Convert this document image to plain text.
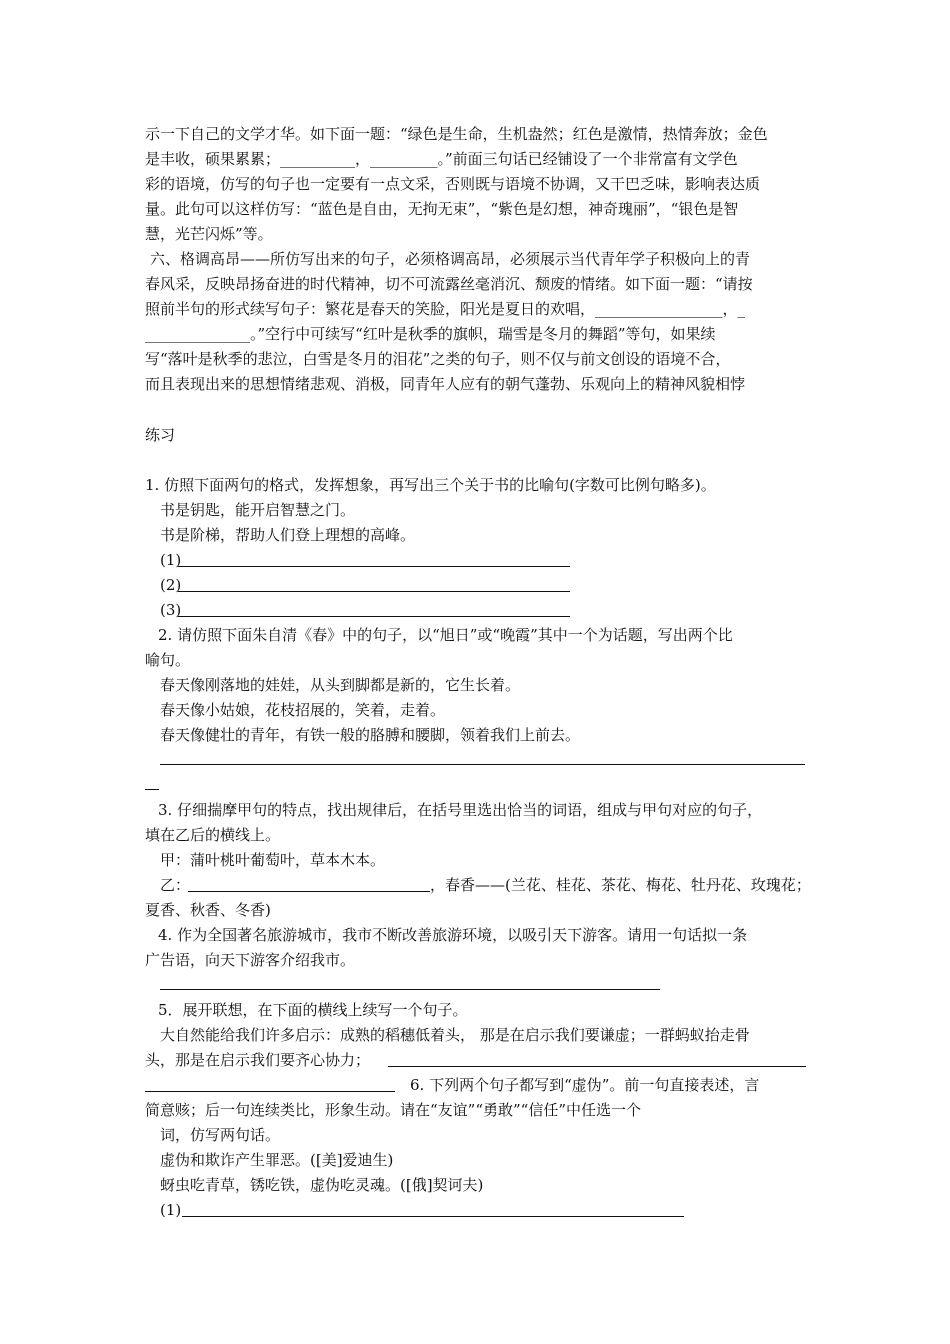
示一下自己的文学才华。如下面一题：“绿色是生命，生机盎然；红色是激情，热情奔放；金色
是丰收，硕果累累；__________，_________。”前面三句话已经铺设了一个非常富有文学色
彩的语境，仿写的句子也一定要有一点文采，否则既与语境不协调，又干巴乏味，影响表达质
量。此句可以这样仿写：“蓝色是自由，无拘无束”，“紫色是幻想，神奇瑰丽”，“银色是智
慧，光芒闪烁”等。
六、格调高昂——所仿写出来的句子，必须格调高昂，必须展示当代青年学子积极向上的青
春风采，反映昂扬奋进的时代精神，切不可流露丝毫消沉、颓废的情绪。如下面一题：“请按
照前半句的形式续写句子：繁花是春天的笑脸，阳光是夏日的欢唱，_________________，_
______________。”空行中可续写“红叶是秋季的旗帜，瑞雪是冬月的舞蹈”等句，如果续
写“落叶是秋季的悲泣，白雪是冬月的泪花”之类的句子，则不仅与前文创设的语境不合，
而且表现出来的思想情绪悲观、消极，同青年人应有的朝气蓬勃、乐观向上的精神风貌相悖
练习
1. 仿照下面两句的格式，发挥想象，再写出三个关于书的比喻句(字数可比例句略多)。
书是钥匙，能开启智慧之门。
书是阶梯，帮助人们登上理想的高峰。
(1)
(2)
(3)
2. 请仿照下面朱自清《春》中的句子，以“旭日”或“晚霞”其中一个为话题，写出两个比
喻句。
春天像刚落地的娃娃，从头到脚都是新的，它生长着。
春天像小姑娘，花枝招展的，笑着，走着。
春天像健壮的青年，有铁一般的胳膊和腰脚，领着我们上前去。
3. 仔细揣摩甲句的特点，找出规律后，在括号里选出恰当的词语，组成与甲句对应的句子，
填在乙后的横线上。
甲：蒲叶桃叶葡萄叶，草本木本。
乙：	，春香——(兰花、桂花、茶花、梅花、牡丹花、玫瑰花；
夏香、秋香、冬香)
4. 作为全国著名旅游城市，我市不断改善旅游环境，以吸引天下游客。请用一句话拟一条
广告语，向天下游客介绍我市。
5．展开联想，在下面的横线上续写一个句子。
大自然能给我们许多启示：成熟的稻穗低着头， 那是在启示我们要谦虚；一群蚂蚁抬走骨
头，那是在启示我们要齐心协力；
6. 下列两个句子都写到“虚伪”。前一句直接表述，言
简意赅；后一句连续类比，形象生动。请在“友谊”“勇敢”“信任”中任选一个
词，仿写两句话。
虚伪和欺诈产生罪恶。([美]爱迪生)
蚜虫吃青草，锈吃铁，虚伪吃灵魂。([俄]契诃夫)
(1)
